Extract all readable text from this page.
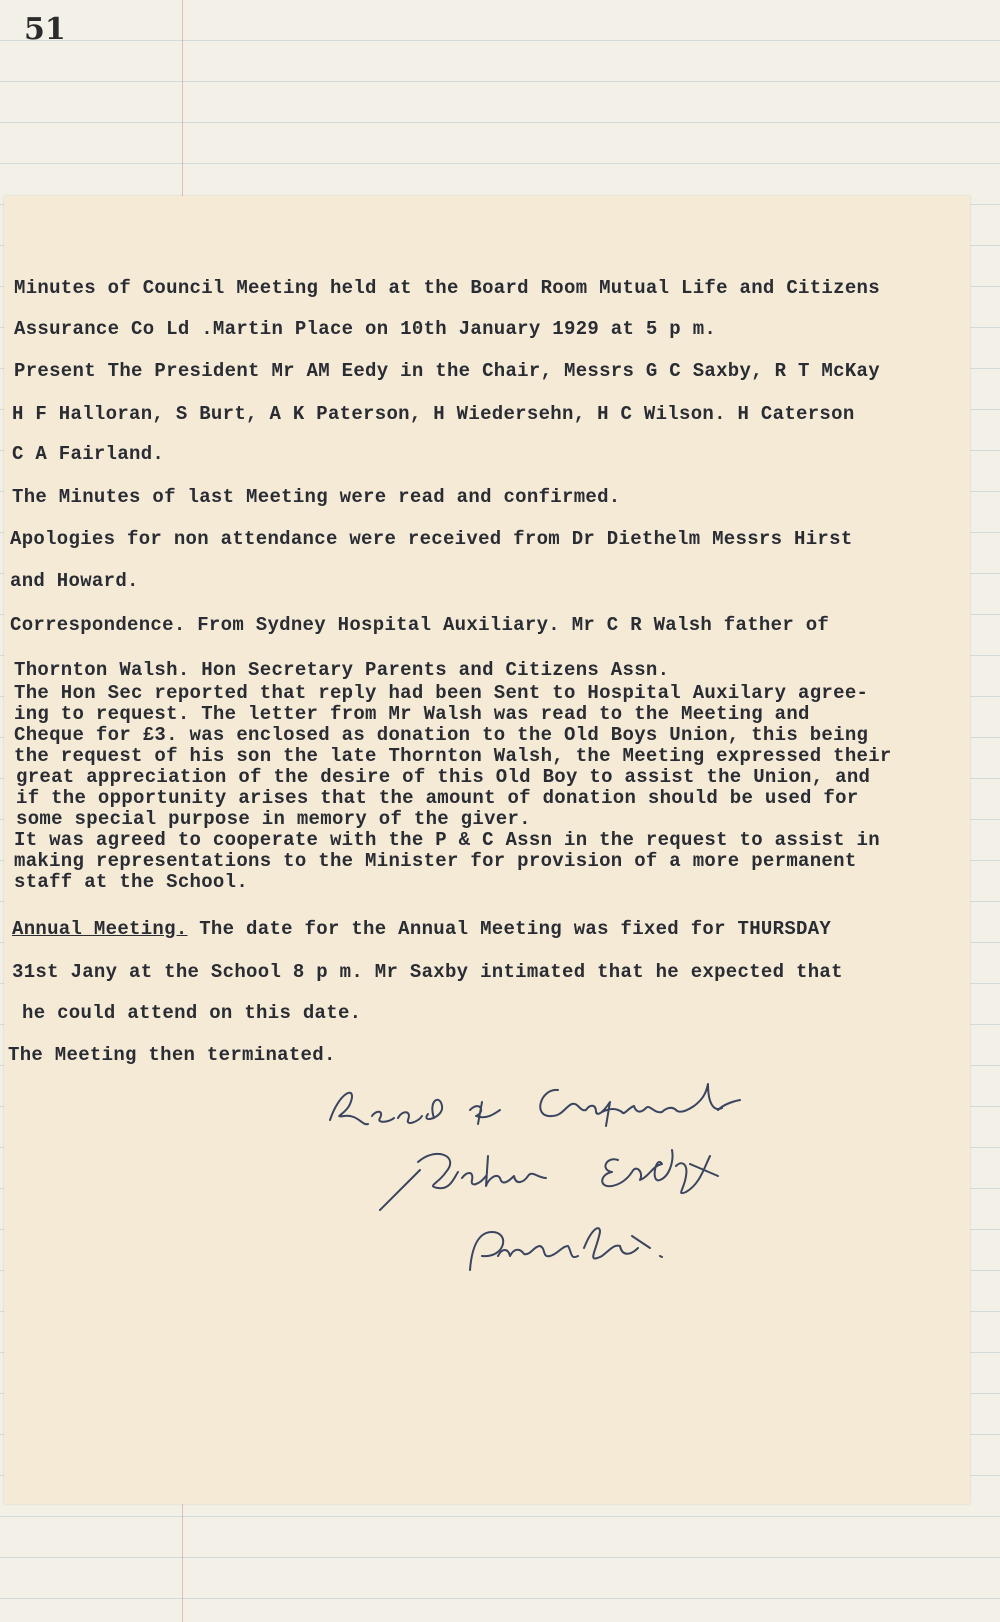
51
Minutes of Council Meeting held at the Board Room Mutual Life and Citizens
Assurance Co Ld .Martin Place on 10th January 1929 at 5 p m.
Present The President Mr AM Eedy in the Chair, Messrs G C Saxby, R T McKay
H F Halloran, S Burt, A K Paterson, H Wiedersehn, H C Wilson. H Caterson
C A Fairland.
The Minutes of last Meeting were read and confirmed.
Apologies for non attendance were received from Dr Diethelm Messrs Hirst
and Howard.
Correspondence. From Sydney Hospital Auxiliary. Mr C R Walsh father of
Thornton Walsh. Hon Secretary Parents and Citizens Assn.
The Hon Sec reported that reply had been Sent to Hospital Auxilary agree-
ing to request. The letter from Mr Walsh was read to the Meeting and
Cheque for £3. was enclosed as donation to the Old Boys Union, this being
the request of his son the late Thornton Walsh, the Meeting expressed their
great appreciation of the desire of this Old Boy to assist the Union, and
if the opportunity arises that the amount of donation should be used for
some special purpose in memory of the giver.
It was agreed to cooperate with the P & C Assn in the request to assist in
making representations to the Minister for provision of a more permanent
staff at the School.
Annual Meeting. The date for the Annual Meeting was fixed for THURSDAY
31st Jany at the School 8 p m. Mr Saxby intimated that he expected that
he could attend on this date.
The Meeting then terminated.
